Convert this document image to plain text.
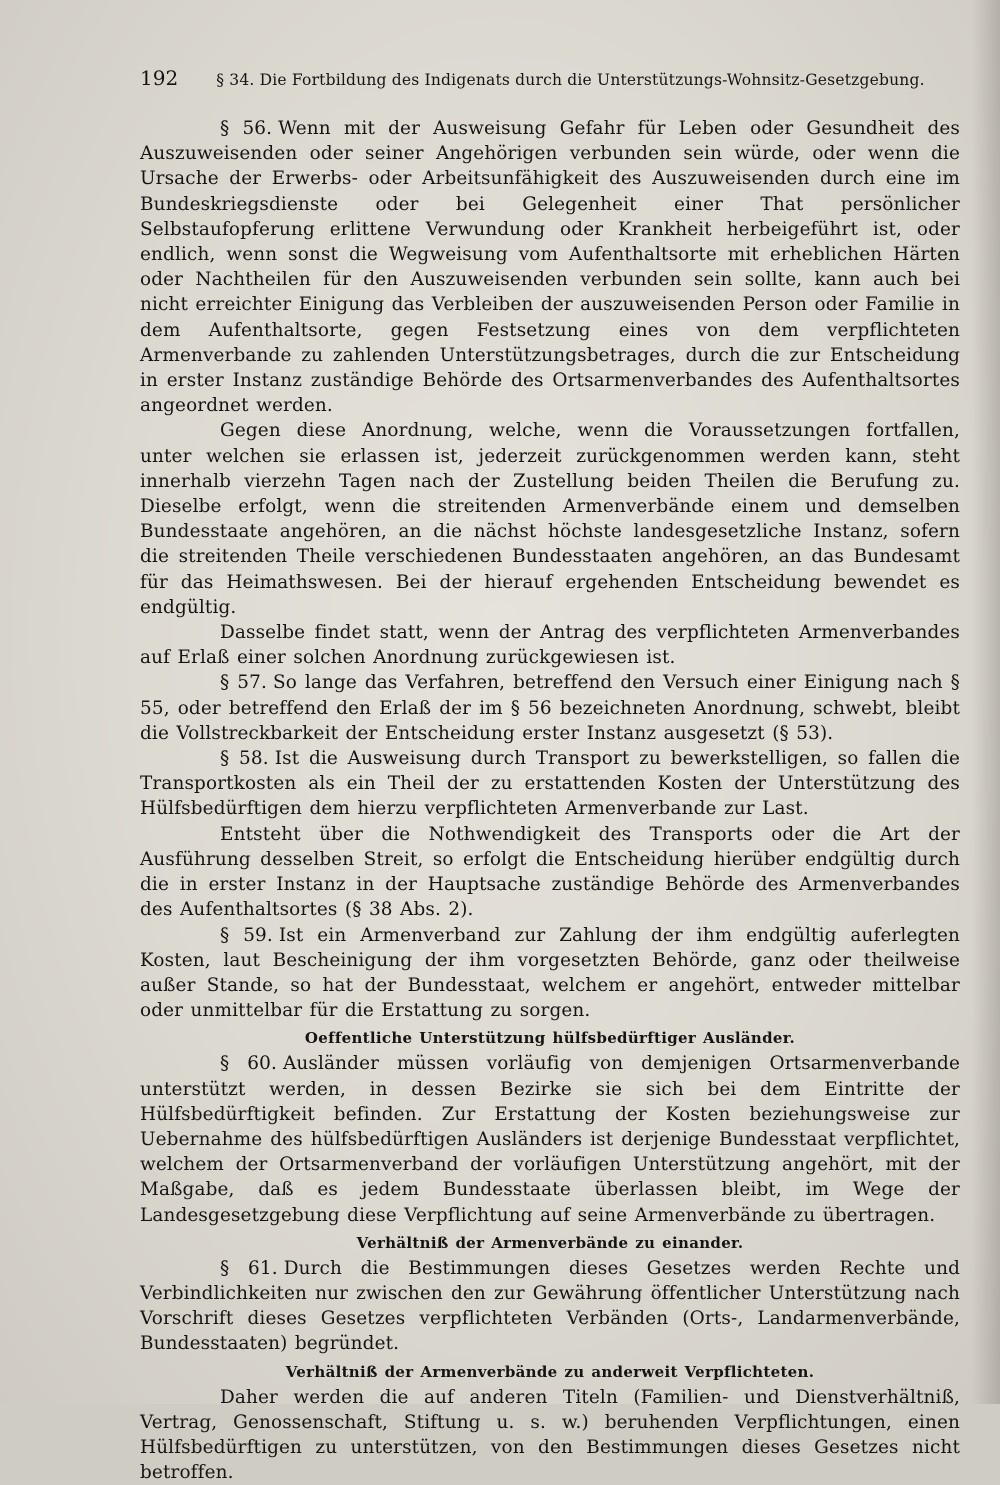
192 § 34. Die Fortbildung des Indigenats durch die Unterstützungs-Wohnsitz-Gesetzgebung.

§ 56. Wenn mit der Ausweisung Gefahr für Leben oder Gesundheit des Auszuweisenden oder seiner Angehörigen verbunden sein würde, oder wenn die Ursache der Erwerbs- oder Arbeitsunfähigkeit des Auszuweisenden durch eine im Bundeskriegsdienste oder bei Gelegenheit einer That persönlicher Selbstaufopferung erlittene Verwundung oder Krankheit herbeigeführt ist, oder endlich, wenn sonst die Wegweisung vom Aufenthaltsorte mit erheblichen Härten oder Nachtheilen für den Auszuweisenden verbunden sein sollte, kann auch bei nicht erreichter Einigung das Verbleiben der auszuweisenden Person oder Familie in dem Aufenthaltsorte, gegen Festsetzung eines von dem verpflichteten Armenverbande zu zahlenden Unterstützungsbetrages, durch die zur Entscheidung in erster Instanz zuständige Behörde des Ortsarmenverbandes des Aufenthaltsortes angeordnet werden.

Gegen diese Anordnung, welche, wenn die Voraussetzungen fortfallen, unter welchen sie erlassen ist, jederzeit zurückgenommen werden kann, steht innerhalb vierzehn Tagen nach der Zustellung beiden Theilen die Berufung zu. Dieselbe erfolgt, wenn die streitenden Armenverbände einem und demselben Bundesstaate angehören, an die nächst höchste landesgesetzliche Instanz, sofern die streitenden Theile verschiedenen Bundesstaaten angehören, an das Bundesamt für das Heimathswesen. Bei der hierauf ergehenden Entscheidung bewendet es endgültig.

Dasselbe findet statt, wenn der Antrag des verpflichteten Armenverbandes auf Erlaß einer solchen Anordnung zurückgewiesen ist.

§ 57. So lange das Verfahren, betreffend den Versuch einer Einigung nach § 55, oder betreffend den Erlaß der im § 56 bezeichneten Anordnung, schwebt, bleibt die Vollstreckbarkeit der Entscheidung erster Instanz ausgesetzt (§ 53).

§ 58. Ist die Ausweisung durch Transport zu bewerkstelligen, so fallen die Transportkosten als ein Theil der zu erstattenden Kosten der Unterstützung des Hülfsbedürftigen dem hierzu verpflichteten Armenverbande zur Last.

Entsteht über die Nothwendigkeit des Transports oder die Art der Ausführung desselben Streit, so erfolgt die Entscheidung hierüber endgültig durch die in erster Instanz in der Hauptsache zuständige Behörde des Armenverbandes des Aufenthaltsortes (§ 38 Abs. 2).

§ 59. Ist ein Armenverband zur Zahlung der ihm endgültig auferlegten Kosten, laut Bescheinigung der ihm vorgesetzten Behörde, ganz oder theilweise außer Stande, so hat der Bundesstaat, welchem er angehört, entweder mittelbar oder unmittelbar für die Erstattung zu sorgen.

Oeffentliche Unterstützung hülfsbedürftiger Ausländer.

§ 60. Ausländer müssen vorläufig von demjenigen Ortsarmenverbande unterstützt werden, in dessen Bezirke sie sich bei dem Eintritte der Hülfsbedürftigkeit befinden. Zur Erstattung der Kosten beziehungsweise zur Uebernahme des hülfsbedürftigen Ausländers ist derjenige Bundesstaat verpflichtet, welchem der Ortsarmenverband der vorläufigen Unterstützung angehört, mit der Maßgabe, daß es jedem Bundesstaate überlassen bleibt, im Wege der Landesgesetzgebung diese Verpflichtung auf seine Armenverbände zu übertragen.

Verhältniß der Armenverbände zu einander.

§ 61. Durch die Bestimmungen dieses Gesetzes werden Rechte und Verbindlichkeiten nur zwischen den zur Gewährung öffentlicher Unterstützung nach Vorschrift dieses Gesetzes verpflichteten Verbänden (Orts-, Landarmenverbände, Bundesstaaten) begründet.

Verhältniß der Armenverbände zu anderweit Verpflichteten.

Daher werden die auf anderen Titeln (Familien- und Dienstverhältniß, Vertrag, Genossenschaft, Stiftung u. s. w.) beruhenden Verpflichtungen, einen Hülfsbedürftigen zu unterstützen, von den Bestimmungen dieses Gesetzes nicht betroffen.
